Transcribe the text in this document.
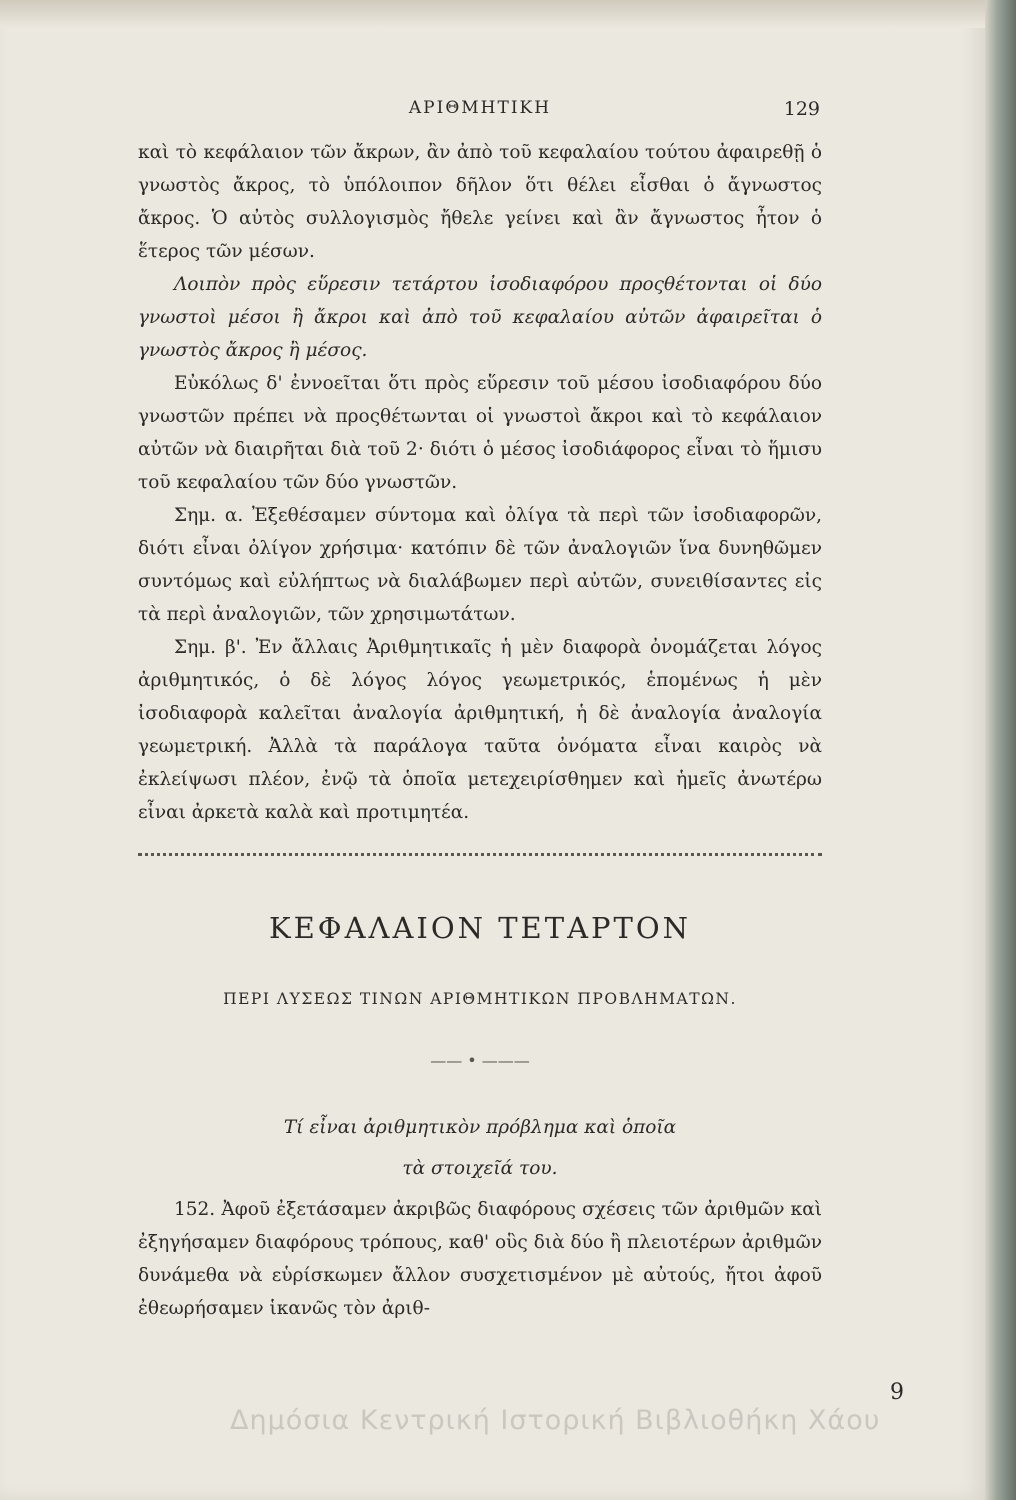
ΑΡΙΘΜΗΤΙΚΗ	129

καὶ τὸ κεφάλαιον τῶν ἄκρων, ἂν ἀπὸ τοῦ κεφαλαίου τούτου ἀφαιρεθῇ ὁ γνωστὸς ἄκρος, τὸ ὑπόλοιπον δῆλον ὅτι θέλει εἶσθαι ὁ ἄγνωστος ἄκρος. Ὁ αὐτὸς συλλογισμὸς ἤθελε γείνει καὶ ἂν ἄγνωστος ἦτον ὁ ἕτερος τῶν μέσων.

Λοιπὸν πρὸς εὕρεσιν τετάρτου ἰσοδιαφόρου προςθέτονται οἱ δύο γνωστοὶ μέσοι ἢ ἄκροι καὶ ἀπὸ τοῦ κεφαλαίου αὐτῶν ἀφαιρεῖται ὁ γνωστὸς ἄκρος ἢ μέσος.

Εὐκόλως δ' ἐννοεῖται ὅτι πρὸς εὕρεσιν τοῦ μέσου ἰσοδιαφόρου δύο γνωστῶν πρέπει νὰ προςθέτωνται οἱ γνωστοὶ ἄκροι καὶ τὸ κεφάλαιον αὐτῶν νὰ διαιρῆται διὰ τοῦ 2· διότι ὁ μέσος ἰσοδιάφορος εἶναι τὸ ἥμισυ τοῦ κεφαλαίου τῶν δύο γνωστῶν.

Σημ. α. Ἐξεθέσαμεν σύντομα καὶ ὀλίγα τὰ περὶ τῶν ἰσοδιαφορῶν, διότι εἶναι ὀλίγον χρήσιμα· κατόπιν δὲ τῶν ἀναλογιῶν ἵνα δυνηθῶμεν συντόμως καὶ εὐλήπτως νὰ διαλάβωμεν περὶ αὐτῶν, συνειθίσαντες εἰς τὰ περὶ ἀναλογιῶν, τῶν χρησιμωτάτων.

Σημ. β'. Ἐν ἄλλαις Ἀριθμητικαῖς ἡ μὲν διαφορὰ ὀνομάζεται λόγος ἀριθμητικός, ὁ δὲ λόγος λόγος γεωμετρικός, ἑπομένως ἡ μὲν ἰσοδιαφορὰ καλεῖται ἀναλογία ἀριθμητική, ἡ δὲ ἀναλογία ἀναλογία γεωμετρική. Ἀλλὰ τὰ παράλογα ταῦτα ὀνόματα εἶναι καιρὸς νὰ ἐκλείψωσι πλέον, ἐνῷ τὰ ὁποῖα μετεχειρίσθημεν καὶ ἡμεῖς ἀνωτέρω εἶναι ἀρκετὰ καλὰ καὶ προτιμητέα.

ΚΕΦΑΛΑΙΟΝ ΤΕΤΑΡΤΟΝ
ΠΕΡΙ ΛΥΣΕΩΣ ΤΙΝΩΝ ΑΡΙΘΜΗΤΙΚΩΝ ΠΡΟΒΛΗΜΑΤΩΝ.
—— • ———
Τί εἶναι ἀριθμητικὸν πρόβλημα καὶ ὁποῖα
τὰ στοιχεῖά του.

152. Ἀφοῦ ἐξετάσαμεν ἀκριβῶς διαφόρους σχέσεις τῶν ἀριθμῶν καὶ ἐξηγήσαμεν διαφόρους τρόπους, καθ' οὓς διὰ δύο ἢ πλειοτέρων ἀριθμῶν δυνάμεθα νὰ εὑρίσκωμεν ἄλλον συσχετισμένον μὲ αὐτούς, ἤτοι ἀφοῦ ἐθεωρήσαμεν ἱκανῶς τὸν ἀριθ-

9
Δημόσια Κεντρική Ιστορική Βιβλιοθήκη Χάου
